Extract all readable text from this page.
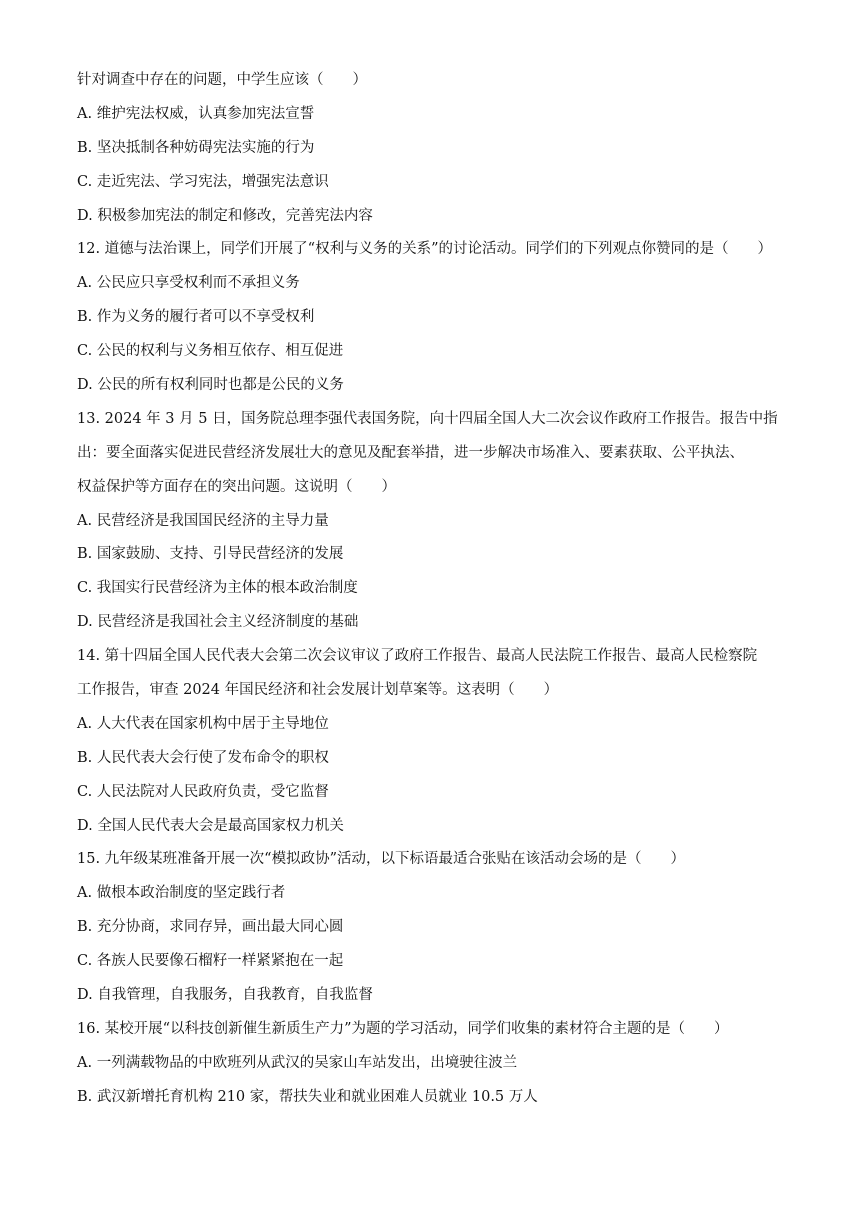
针对调查中存在的问题，中学生应该（　　）

A. 维护宪法权威，认真参加宪法宣誓

B. 坚决抵制各种妨碍宪法实施的行为

C. 走近宪法、学习宪法，增强宪法意识

D. 积极参加宪法的制定和修改，完善宪法内容

12. 道德与法治课上，同学们开展了“权利与义务的关系”的讨论活动。同学们的下列观点你赞同的是（　　）

A. 公民应只享受权利而不承担义务

B. 作为义务的履行者可以不享受权利

C. 公民的权利与义务相互依存、相互促进

D. 公民的所有权利同时也都是公民的义务

13. 2024 年 3 月 5 日，国务院总理李强代表国务院，向十四届全国人大二次会议作政府工作报告。报告中指

出：要全面落实促进民营经济发展壮大的意见及配套举措，进一步解决市场准入、要素获取、公平执法、

权益保护等方面存在的突出问题。这说明（　　）

A. 民营经济是我国国民经济的主导力量

B. 国家鼓励、支持、引导民营经济的发展

C. 我国实行民营经济为主体的根本政治制度

D. 民营经济是我国社会主义经济制度的基础

14. 第十四届全国人民代表大会第二次会议审议了政府工作报告、最高人民法院工作报告、最高人民检察院

工作报告，审查 2024 年国民经济和社会发展计划草案等。这表明（　　）

A. 人大代表在国家机构中居于主导地位

B. 人民代表大会行使了发布命令的职权

C. 人民法院对人民政府负责，受它监督

D. 全国人民代表大会是最高国家权力机关

15. 九年级某班准备开展一次“模拟政协”活动，以下标语最适合张贴在该活动会场的是（　　）

A. 做根本政治制度的坚定践行者

B. 充分协商，求同存异，画出最大同心圆

C. 各族人民要像石榴籽一样紧紧抱在一起

D. 自我管理，自我服务，自我教育，自我监督

16. 某校开展“以科技创新催生新质生产力”为题的学习活动，同学们收集的素材符合主题的是（　　）

A. 一列满载物品的中欧班列从武汉的吴家山车站发出，出境驶往波兰

B. 武汉新增托育机构 210 家，帮扶失业和就业困难人员就业 10.5 万人
